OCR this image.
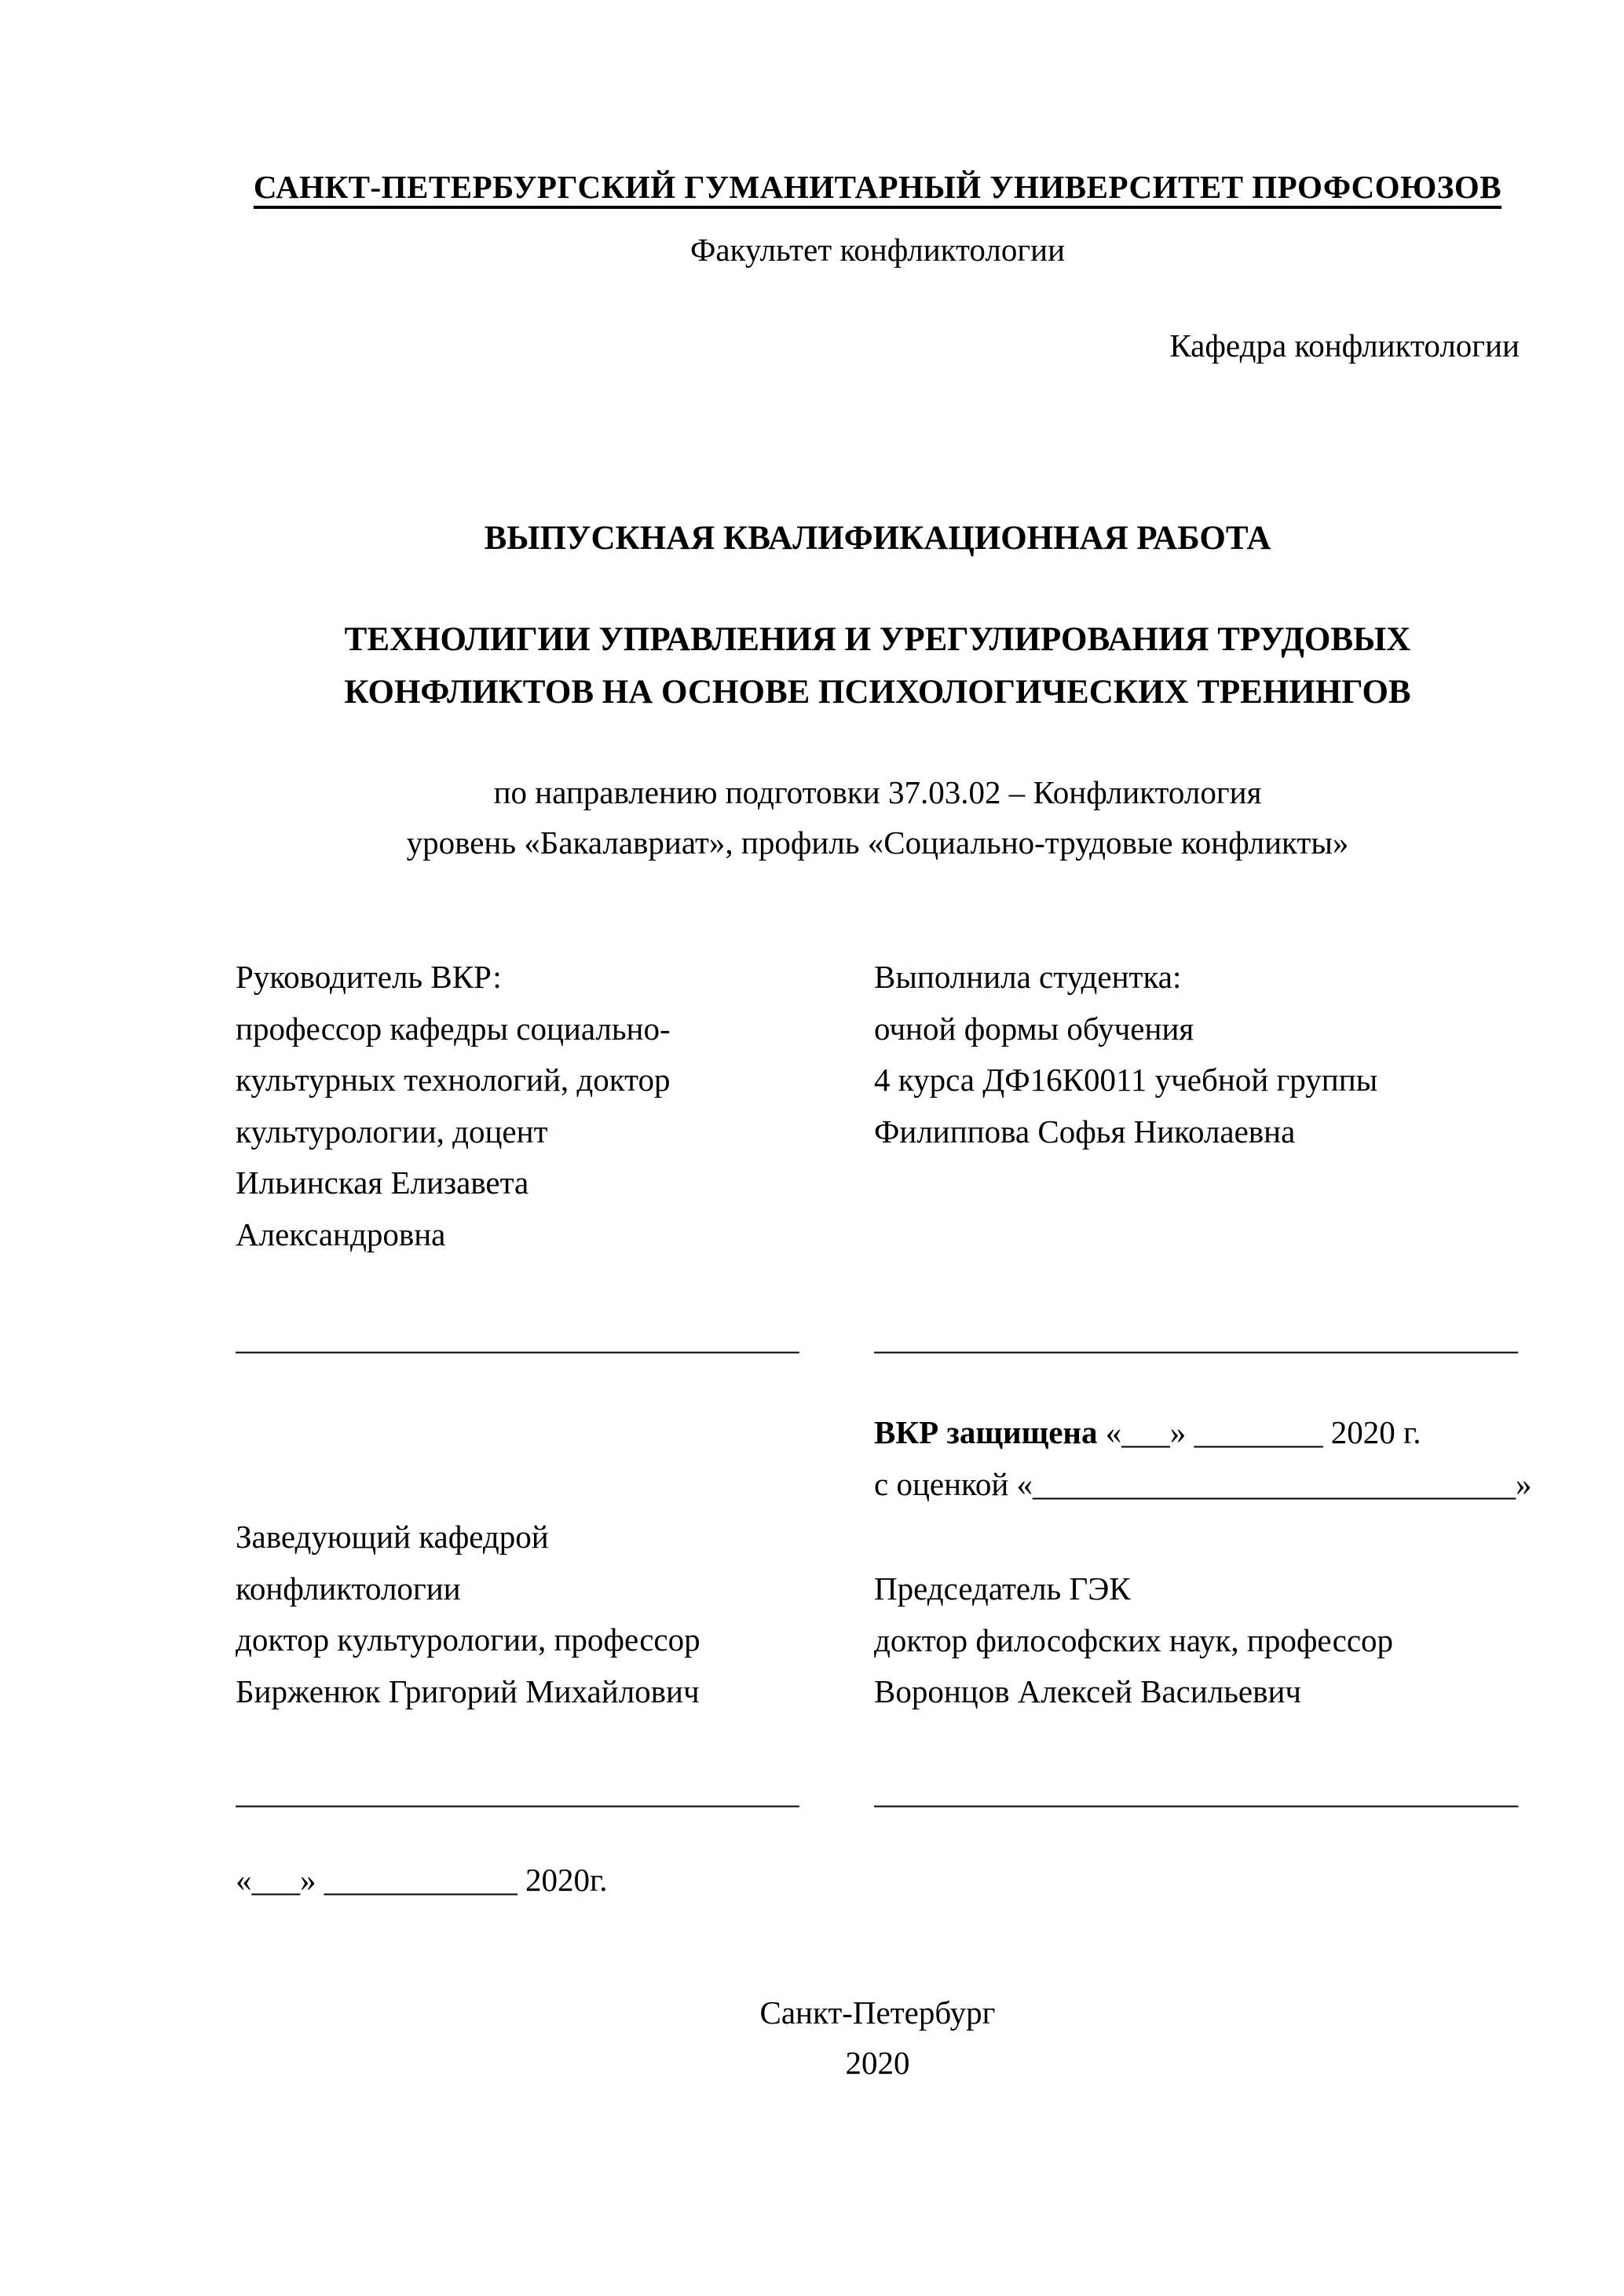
САНКТ-ПЕТЕРБУРГСКИЙ ГУМАНИТАРНЫЙ УНИВЕРСИТЕТ ПРОФСОЮЗОВ
Факультет конфликтологии
Кафедра конфликтологии
ВЫПУСКНАЯ КВАЛИФИКАЦИОННАЯ РАБОТА
ТЕХНОЛИГИИ УПРАВЛЕНИЯ И УРЕГУЛИРОВАНИЯ ТРУДОВЫХ
КОНФЛИКТОВ НА ОСНОВЕ ПСИХОЛОГИЧЕСКИХ ТРЕНИНГОВ
по направлению подготовки 37.03.02 – Конфликтология
уровень «Бакалавриат», профиль «Социально-трудовые конфликты»
Руководитель ВКР:
профессор кафедры социально-
культурных технологий, доктор
культурологии, доцент
Ильинская Елизавета
Александровна
Выполнила студентка:
очной формы обучения
4 курса ДФ16К0011 учебной группы
Филиппова Софья Николаевна
___________________________________	________________________________________
ВКР защищена «___» ________ 2020 г.
с оценкой «______________________________»
Заведующий кафедрой
конфликтологии
доктор культурологии, профессор
Бирженюк Григорий Михайлович
Председатель ГЭК
доктор философских наук, профессор
Воронцов Алексей Васильевич
___________________________________	________________________________________
«___» ____________ 2020г.
Санкт-Петербург
2020
